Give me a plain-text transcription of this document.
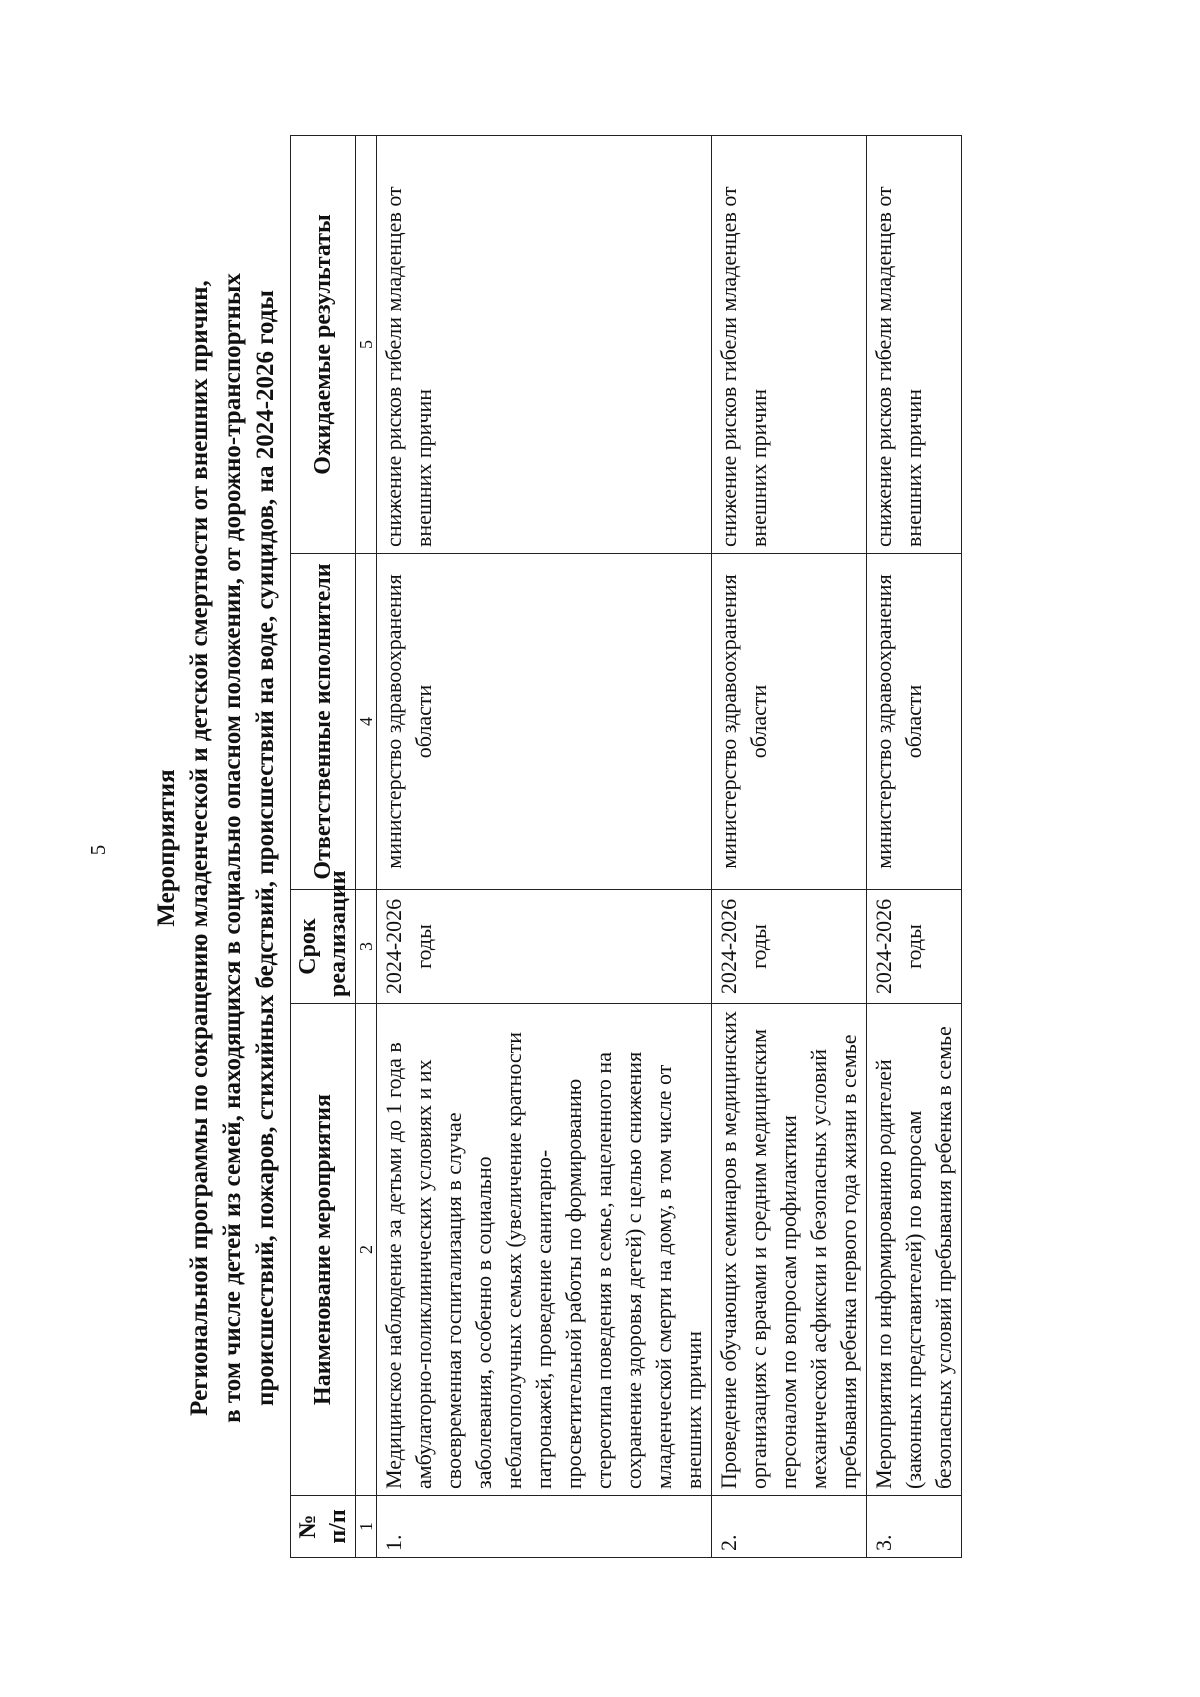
5 Мероприятия Региональной программы по сокращению младенческой и детской смертности от внешних причин, в том числе детей из семей, находящихся в социально опасном положении, от дорожно-транспортных происшествий, пожаров, стихийных бедствий, происшествий на воде, суицидов, на 2024-2026 годы
№ п/п	Наименование мероприятия	Срок реализации	Ответственные исполнители	Ожидаемые результаты
1	2	3	4	5
1.	Медицинское наблюдение за детьми до 1 года в амбулаторно-поликлинических условиях и их своевременная госпитализация в случае заболевания, особенно в социально неблагополучных семьях (увеличение кратности патронажей, проведение санитарно-просветительной работы по формированию стереотипа поведения в семье, нацеленного на сохранение здоровья детей) с целью снижения младенческой смерти на дому, в том числе от внешних причин	2024-2026 годы	министерство здравоохранения области	снижение рисков гибели младенцев от внешних причин
2.	Проведение обучающих семинаров в медицинских организациях с врачами и средним медицинским персоналом по вопросам профилактики механической асфиксии и безопасных условий пребывания ребенка первого года жизни в семье	2024-2026 годы	министерство здравоохранения области	снижение рисков гибели младенцев от внешних причин
3.	Мероприятия по информированию родителей (законных представителей) по вопросам безопасных условий пребывания ребенка в семье	2024-2026 годы	министерство здравоохранения области	снижение рисков гибели младенцев от внешних причин
